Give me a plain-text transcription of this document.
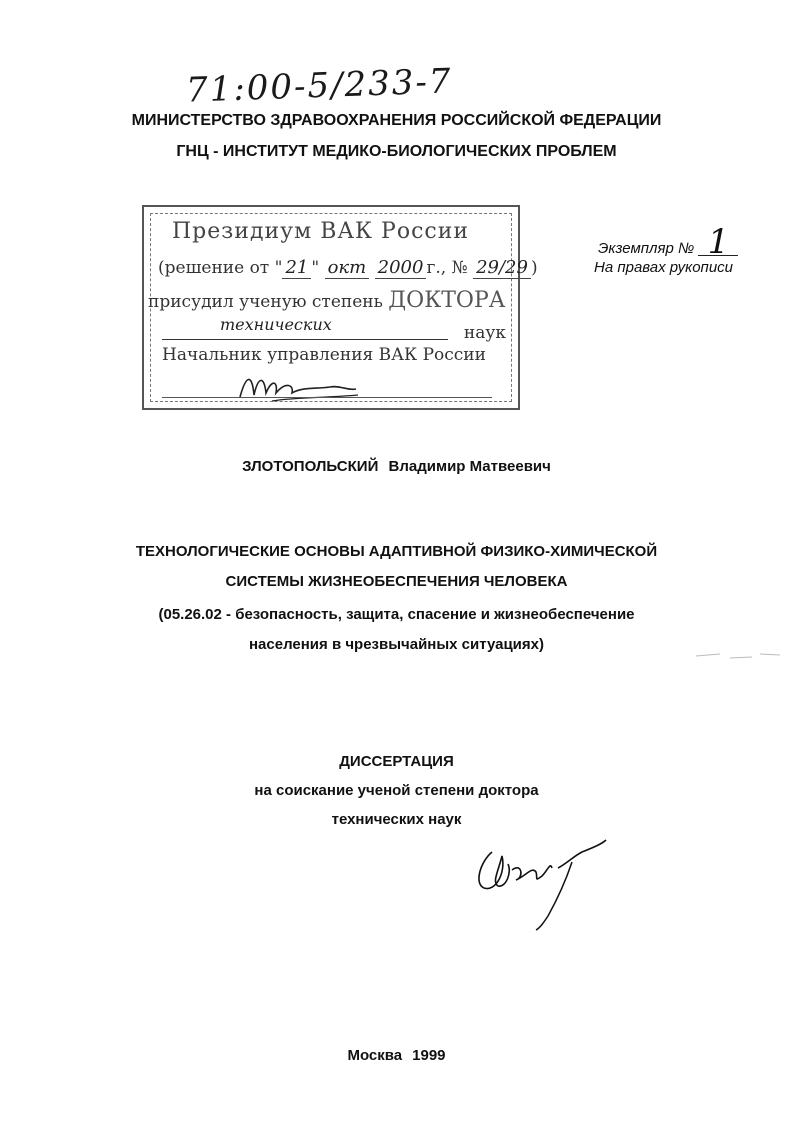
71:00-5/233-7
МИНИСТЕРСТВО ЗДРАВООХРАНЕНИЯ РОССИЙСКОЙ ФЕДЕРАЦИИ
ГНЦ - ИНСТИТУТ МЕДИКО-БИОЛОГИЧЕСКИХ ПРОБЛЕМ
Президиум ВАК России
(решение от " 21 " окт 2000 г., № 29/29 )
присудил ученую степень ДОКТОРА
технических	наук
Начальник управления ВАК России
Экземпляр № 1
На правах рукописи
ЗЛОТОПОЛЬСКИЙ Владимир Матвеевич
ТЕХНОЛОГИЧЕСКИЕ ОСНОВЫ АДАПТИВНОЙ ФИЗИКО-ХИМИЧЕСКОЙ
СИСТЕМЫ ЖИЗНЕОБЕСПЕЧЕНИЯ ЧЕЛОВЕКА
(05.26.02 - безопасность, защита, спасение и жизнеобеспечение
населения в чрезвычайных ситуациях)
ДИССЕРТАЦИЯ
на соискание ученой степени доктора
технических наук
Москва 1999
